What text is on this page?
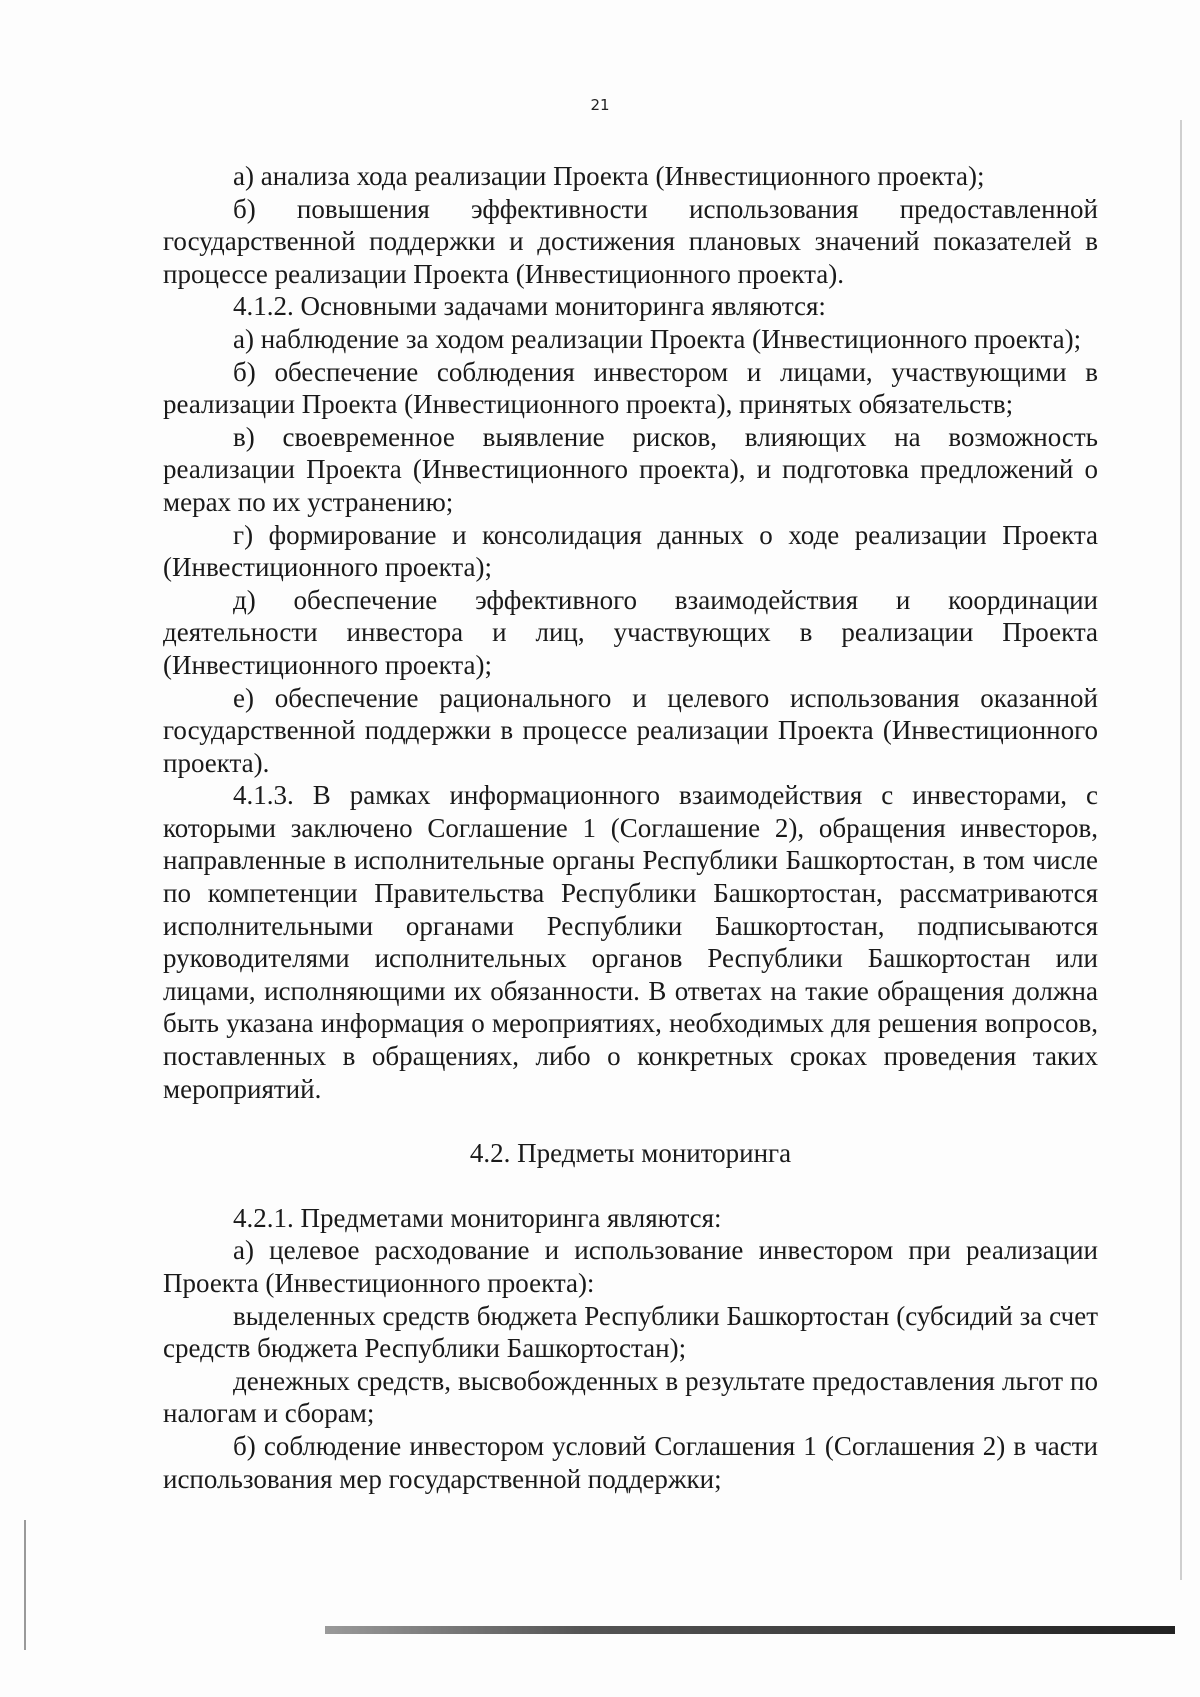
21

а) анализа хода реализации Проекта (Инвестиционного проекта);

б) повышения эффективности использования предоставленной государственной поддержки и достижения плановых значений показателей в процессе реализации Проекта (Инвестиционного проекта).

4.1.2. Основными задачами мониторинга являются:

а) наблюдение за ходом реализации Проекта (Инвестиционного проекта);

б) обеспечение соблюдения инвестором и лицами, участвующими в реализации Проекта (Инвестиционного проекта), принятых обязательств;

в) своевременное выявление рисков, влияющих на возможность реализации Проекта (Инвестиционного проекта), и подготовка предложений о мерах по их устранению;

г) формирование и консолидация данных о ходе реализации Проекта (Инвестиционного проекта);

д) обеспечение эффективного взаимодействия и координации деятельности инвестора и лиц, участвующих в реализации Проекта (Инвестиционного проекта);

е) обеспечение рационального и целевого использования оказанной государственной поддержки в процессе реализации Проекта (Инвестиционного проекта).

4.1.3. В рамках информационного взаимодействия с инвесторами, с которыми заключено Соглашение 1 (Соглашение 2), обращения инвесторов, направленные в исполнительные органы Республики Башкортостан, в том числе по компетенции Правительства Республики Башкортостан, рассматриваются исполнительными органами Республики Башкортостан, подписываются руководителями исполнительных органов Республики Башкортостан или лицами, исполняющими их обязанности. В ответах на такие обращения должна быть указана информация о мероприятиях, необходимых для решения вопросов, поставленных в обращениях, либо о конкретных сроках проведения таких мероприятий.

4.2. Предметы мониторинга

4.2.1. Предметами мониторинга являются:

а) целевое расходование и использование инвестором при реализации Проекта (Инвестиционного проекта):

выделенных средств бюджета Республики Башкортостан (субсидий за счет средств бюджета Республики Башкортостан);

денежных средств, высвобожденных в результате предоставления льгот по налогам и сборам;

б) соблюдение инвестором условий Соглашения 1 (Соглашения 2) в части использования мер государственной поддержки;
